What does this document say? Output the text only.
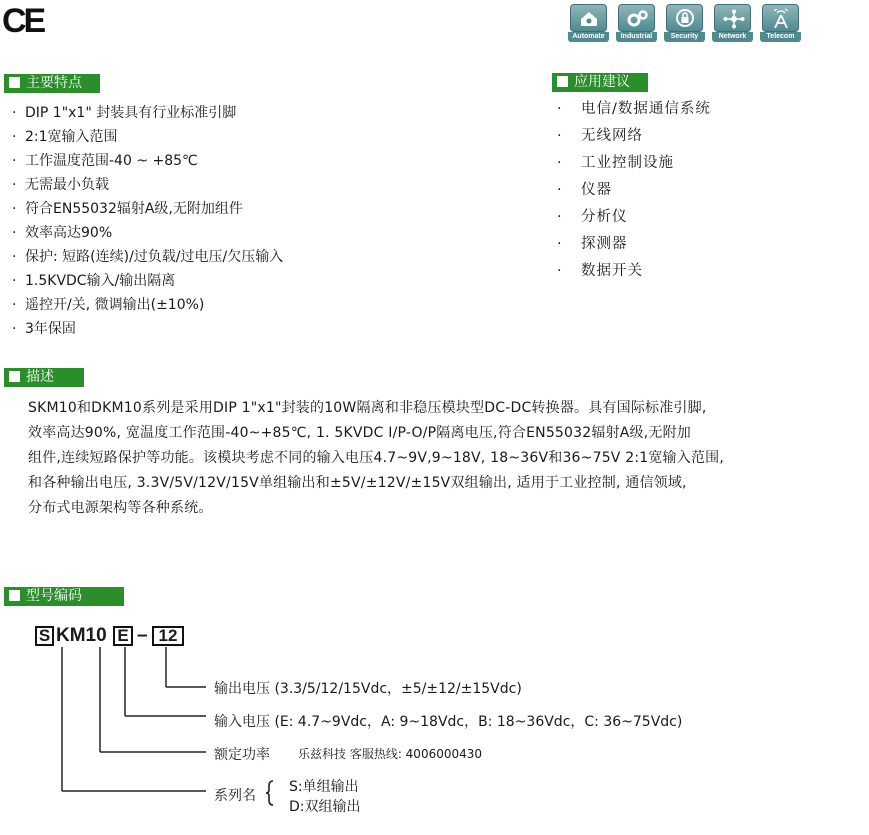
CE	Automate	Industrial	Security	Network	Telecom
主要特点
· DIP 1"x1" 封装具有行业标准引脚
· 2:1宽输入范围
· 工作温度范围-40 ~ +85℃
· 无需最小负载
· 符合EN55032辐射A级,无附加组件
· 效率高达90%
· 保护: 短路(连续)/过负载/过电压/欠压输入
· 1.5KVDC输入/输出隔离
· 遥控开/关, 微调输出(±10%)
· 3年保固
应用建议
· 电信/数据通信系统
· 无线网络
· 工业控制设施
· 仪器
· 分析仪
· 探测器
· 数据开关
描述
SKM10和DKM10系列是采用DIP 1"x1"封装的10W隔离和非稳压模块型DC-DC转换器。具有国际标准引脚,
效率高达90%, 宽温度工作范围-40~+85℃, 1. 5KVDC I/P-O/P隔离电压,符合EN55032辐射A级,无附加
组件,连续短路保护等功能。该模块考虑不同的输入电压4.7~9V,9~18V, 18~36V和36~75V 2:1宽输入范围,
和各种输出电压, 3.3V/5V/12V/15V单组输出和±5V/±12V/±15V双组输出, 适用于工业控制, 通信领域,
分布式电源架构等各种系统。
型号编码
S KM10 E – 12
输出电压 (3.3/5/12/15Vdc，±5/±12/±15Vdc)
输入电压 (E: 4.7~9Vdc，A: 9~18Vdc，B: 18~36Vdc，C: 36~75Vdc)
额定功率 乐兹科技 客服热线: 4006000430
系列名
S:单组输出
D:双组输出
